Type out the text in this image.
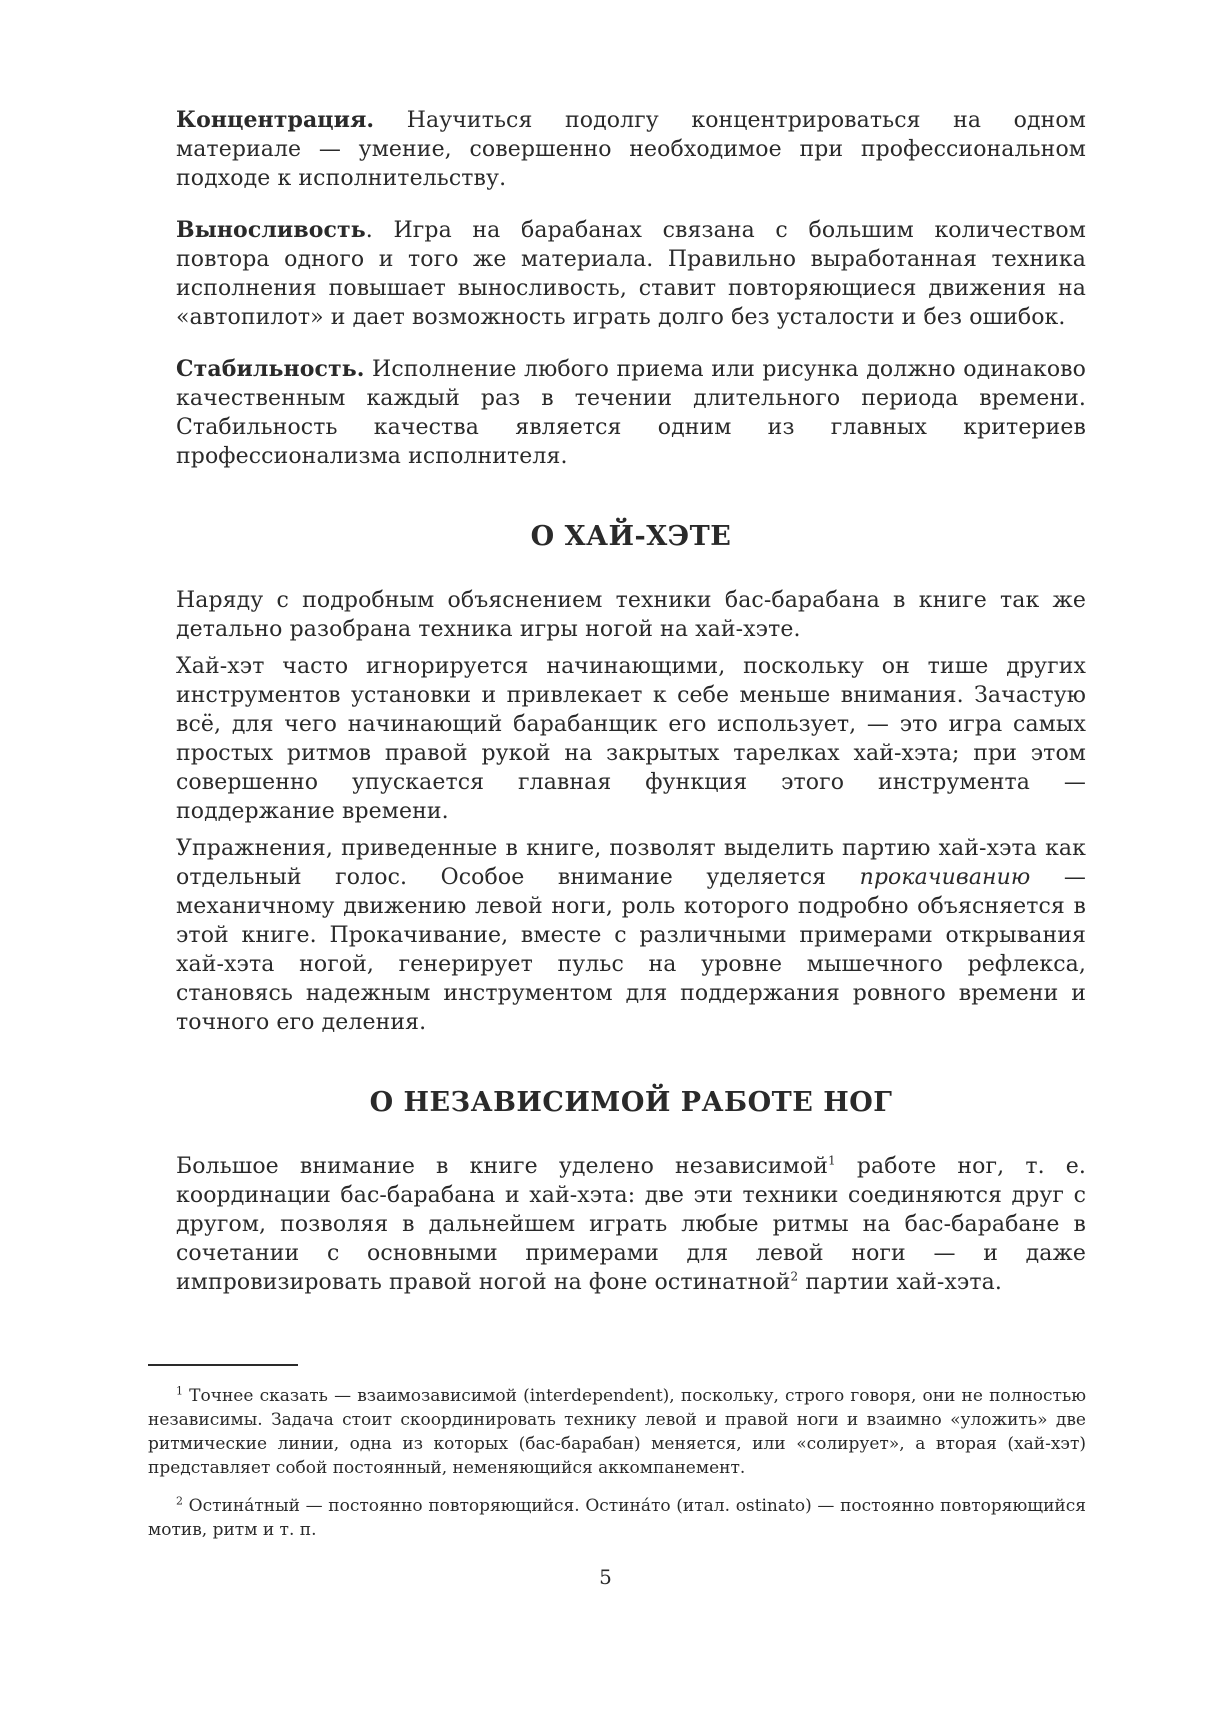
Концентрация. Научиться подолгу концентрироваться на одном материале — умение, совершенно необходимое при профессиональном подходе к исполнительству.

Выносливость. Игра на барабанах связана с большим количеством повтора одного и того же материала. Правильно выработанная техника исполнения повышает выносливость, ставит повторяющиеся движения на «автопилот» и дает возможность играть долго без усталости и без ошибок.

Стабильность. Исполнение любого приема или рисунка должно одинаково качественным каждый раз в течении длительного периода времени. Стабильность качества является одним из главных критериев профессионализма исполнителя.

О ХАЙ-ХЭТЕ

Наряду с подробным объяснением техники бас-барабана в книге так же детально разобрана техника игры ногой на хай-хэте.

Хай-хэт часто игнорируется начинающими, поскольку он тише других инструментов установки и привлекает к себе меньше внимания. Зачастую всё, для чего начинающий барабанщик его использует, — это игра самых простых ритмов правой рукой на закрытых тарелках хай-хэта; при этом совершенно упускается главная функция этого инструмента — поддержание времени.

Упражнения, приведенные в книге, позволят выделить партию хай-хэта как отдельный голос. Особое внимание уделяется прокачиванию — механичному движению левой ноги, роль которого подробно объясняется в этой книге. Прокачивание, вместе с различными примерами открывания хай-хэта ногой, генерирует пульс на уровне мышечного рефлекса, становясь надежным инструментом для поддержания ровного времени и точного его деления.

О НЕЗАВИСИМОЙ РАБОТЕ НОГ

Большое внимание в книге уделено независимой$^1$ работе ног, т. е. координации бас-барабана и хай-хэта: две эти техники соединяются друг с другом, позволяя в дальнейшем играть любые ритмы на бас-барабане в сочетании с основными примерами для левой ноги — и даже импровизировать правой ногой на фоне остинатной$^2$ партии хай-хэта.

$^1$ Точнее сказать — взаимозависимой (interdependent), поскольку, строго говоря, они не полностью независимы. Задача стоит скоординировать технику левой и правой ноги и взаимно «уложить» две ритмические линии, одна из которых (бас-барабан) меняется, или «солирует», а вторая (хай-хэт) представляет собой постоянный, неменяющийся аккомпанемент.

$^2$ Остина́тный — постоянно повторяющийся. Остина́то (итал. ostinato) — постоянно повторяющийся мотив, ритм и т. п.

5
